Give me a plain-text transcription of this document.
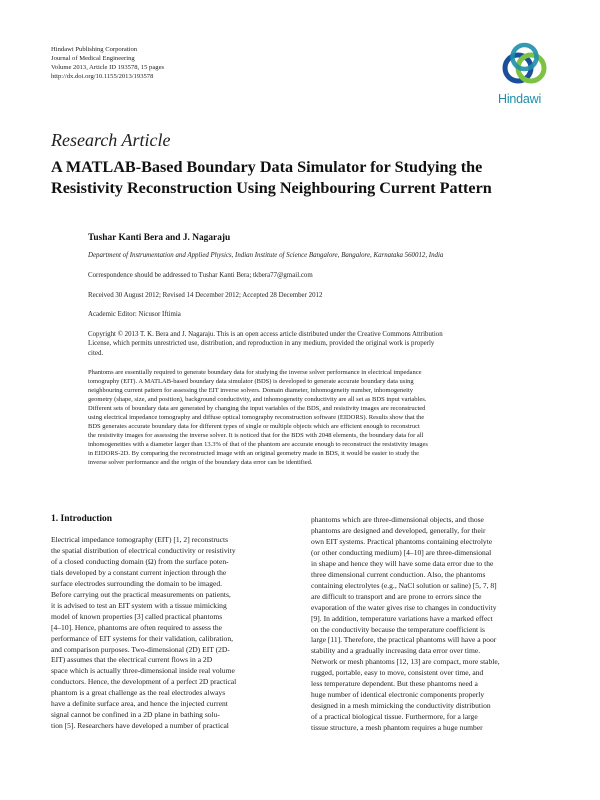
Hindawi Publishing Corporation
Journal of Medical Engineering
Volume 2013, Article ID 193578, 15 pages
http://dx.doi.org/10.1155/2013/193578
Hindawi
Research Article
A MATLAB-Based Boundary Data Simulator for Studying the
Resistivity Reconstruction Using Neighbouring Current Pattern
Tushar Kanti Bera and J. Nagaraju
Department of Instrumentation and Applied Physics, Indian Institute of Science Bangalore, Bangalore, Karnataka 560012, India
Correspondence should be addressed to Tushar Kanti Bera; tkbera77@gmail.com
Received 30 August 2012; Revised 14 December 2012; Accepted 28 December 2012
Academic Editor: Nicusor Iftimia
Copyright © 2013 T. K. Bera and J. Nagaraju. This is an open access article distributed under the Creative Commons Attribution
License, which permits unrestricted use, distribution, and reproduction in any medium, provided the original work is properly
cited.
Phantoms are essentially required to generate boundary data for studying the inverse solver performance in electrical impedance
tomography (EIT). A MATLAB-based boundary data simulator (BDS) is developed to generate accurate boundary data using
neighbouring current pattern for assessing the EIT inverse solvers. Domain diameter, inhomogeneity number, inhomogeneity
geometry (shape, size, and position), background conductivity, and inhomogeneity conductivity are all set as BDS input variables.
Different sets of boundary data are generated by changing the input variables of the BDS, and resistivity images are reconstructed
using electrical impedance tomography and diffuse optical tomography reconstruction software (EIDORS). Results show that the
BDS generates accurate boundary data for different types of single or multiple objects which are efficient enough to reconstruct
the resistivity images for assessing the inverse solver. It is noticed that for the BDS with 2048 elements, the boundary data for all
inhomogeneities with a diameter larger than 13.3% of that of the phantom are accurate enough to reconstruct the resistivity images
in EIDORS-2D. By comparing the reconstructed image with an original geometry made in BDS, it would be easier to study the
inverse solver performance and the origin of the boundary data error can be identified.
1. Introduction
Electrical impedance tomography (EIT) [1, 2] reconstructs
the spatial distribution of electrical conductivity or resistivity
of a closed conducting domain (Ω) from the surface poten-
tials developed by a constant current injection through the
surface electrodes surrounding the domain to be imaged.
Before carrying out the practical measurements on patients,
it is advised to test an EIT system with a tissue mimicking
model of known properties [3] called practical phantoms
[4–10]. Hence, phantoms are often required to assess the
performance of EIT systems for their validation, calibration,
and comparison purposes. Two-dimensional (2D) EIT (2D-
EIT) assumes that the electrical current flows in a 2D
space which is actually three-dimensional inside real volume
conductors. Hence, the development of a perfect 2D practical
phantom is a great challenge as the real electrodes always
have a definite surface area, and hence the injected current
signal cannot be confined in a 2D plane in bathing solu-
tion [5]. Researchers have developed a number of practical
phantoms which are three-dimensional objects, and those
phantoms are designed and developed, generally, for their
own EIT systems. Practical phantoms containing electrolyte
(or other conducting medium) [4–10] are three-dimensional
in shape and hence they will have some data error due to the
three dimensional current conduction. Also, the phantoms
containing electrolytes (e.g., NaCl solution or saline) [5, 7, 8]
are difficult to transport and are prone to errors since the
evaporation of the water gives rise to changes in conductivity
[9]. In addition, temperature variations have a marked effect
on the conductivity because the temperature coefficient is
large [11]. Therefore, the practical phantoms will have a poor
stability and a gradually increasing data error over time.
Network or mesh phantoms [12, 13] are compact, more stable,
rugged, portable, easy to move, consistent over time, and
less temperature dependent. But these phantoms need a
huge number of identical electronic components properly
designed in a mesh mimicking the conductivity distribution
of a practical biological tissue. Furthermore, for a large
tissue structure, a mesh phantom requires a huge number
